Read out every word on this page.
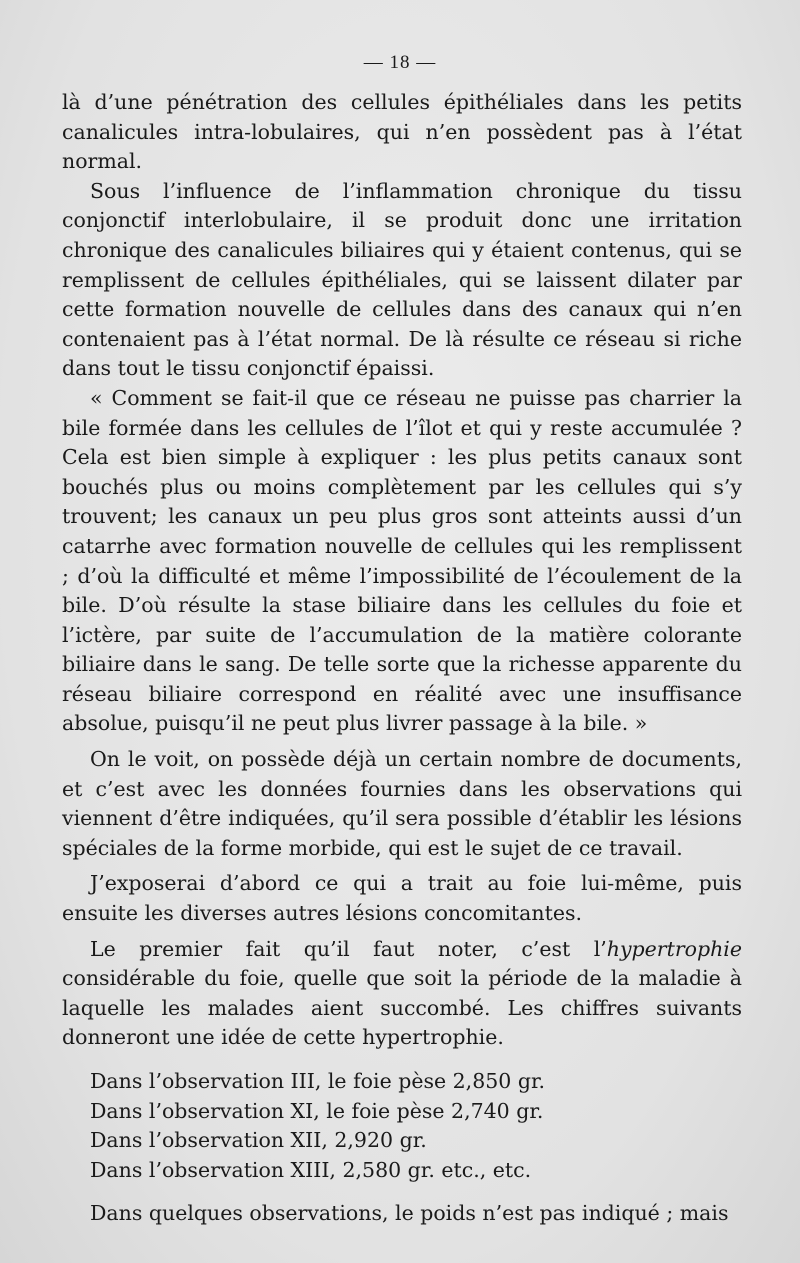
— 18 —

là d’une pénétration des cellules épithéliales dans les petits canalicules intra-lobulaires, qui n’en possèdent pas à l’état normal.

Sous l’influence de l’inflammation chronique du tissu conjonctif interlobulaire, il se produit donc une irritation chronique des canalicules biliaires qui y étaient contenus, qui se remplissent de cellules épithéliales, qui se laissent dilater par cette formation nouvelle de cellules dans des canaux qui n’en contenaient pas à l’état normal. De là résulte ce réseau si riche dans tout le tissu conjonctif épaissi.

« Comment se fait-il que ce réseau ne puisse pas charrier la bile formée dans les cellules de l’îlot et qui y reste accumulée ? Cela est bien simple à expliquer : les plus petits canaux sont bouchés plus ou moins complètement par les cellules qui s’y trouvent; les canaux un peu plus gros sont atteints aussi d’un catarrhe avec formation nouvelle de cellules qui les remplissent ; d’où la difficulté et même l’impossibilité de l’écoulement de la bile. D’où résulte la stase biliaire dans les cellules du foie et l’ictère, par suite de l’accumulation de la matière colorante biliaire dans le sang. De telle sorte que la richesse apparente du réseau biliaire correspond en réalité avec une insuffisance absolue, puisqu’il ne peut plus livrer passage à la bile. »

On le voit, on possède déjà un certain nombre de documents, et c’est avec les données fournies dans les observations qui viennent d’être indiquées, qu’il sera possible d’établir les lésions spéciales de la forme morbide, qui est le sujet de ce travail.

J’exposerai d’abord ce qui a trait au foie lui-même, puis ensuite les diverses autres lésions concomitantes.

Le premier fait qu’il faut noter, c’est l’hypertrophie considérable du foie, quelle que soit la période de la maladie à laquelle les malades aient succombé. Les chiffres suivants donneront une idée de cette hypertrophie.

Dans l’observation III, le foie pèse 2,850 gr.

Dans l’observation XI, le foie pèse 2,740 gr.

Dans l’observation XII, 2,920 gr.

Dans l’observation XIII, 2,580 gr. etc., etc.

Dans quelques observations, le poids n’est pas indiqué ; mais
